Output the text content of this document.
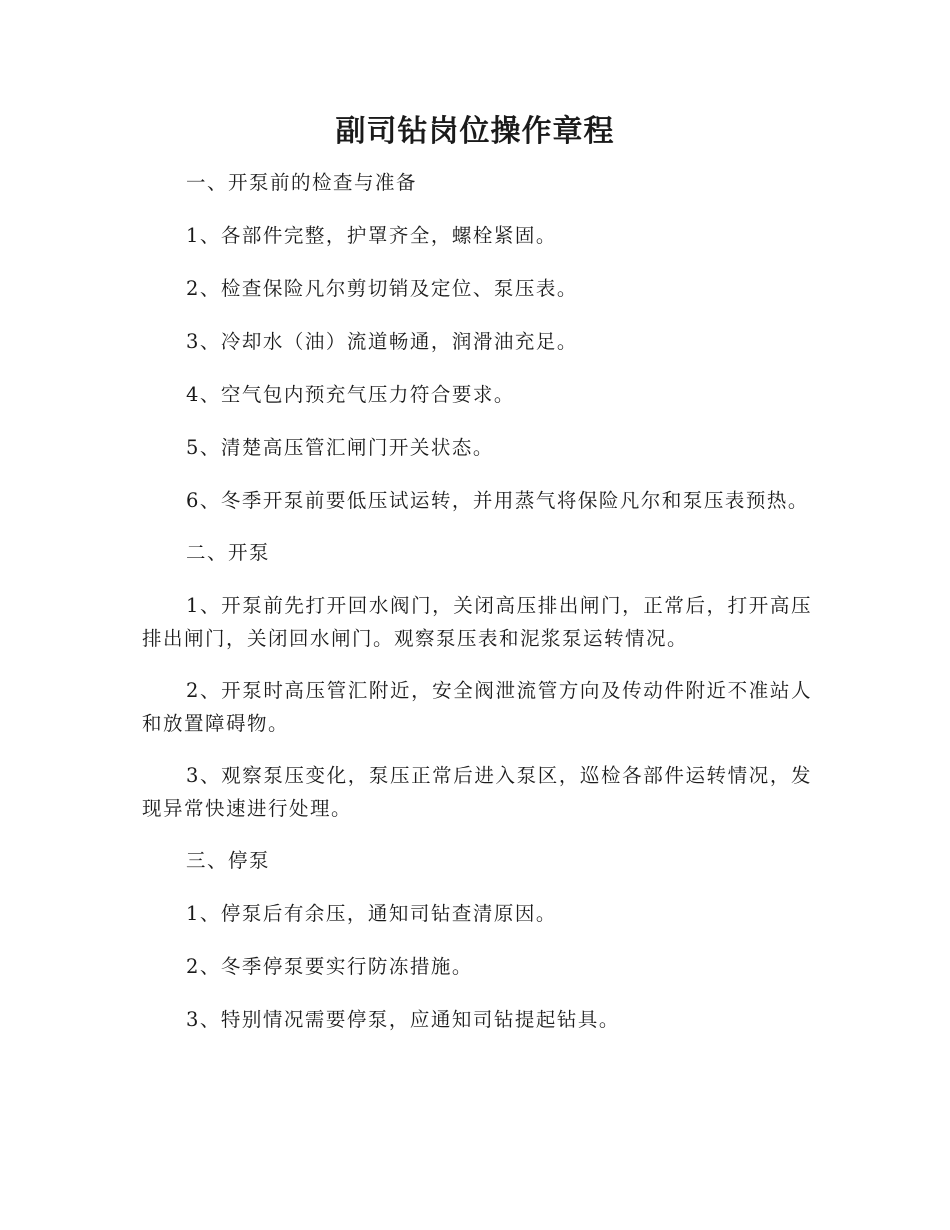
副司钻岗位操作章程

一、开泵前的检查与准备

1、各部件完整，护罩齐全，螺栓紧固。

2、检查保险凡尔剪切销及定位、泵压表。

3、冷却水（油）流道畅通，润滑油充足。

4、空气包内预充气压力符合要求。

5、清楚高压管汇闸门开关状态。

6、冬季开泵前要低压试运转，并用蒸气将保险凡尔和泵压表预热。

二、开泵

1、开泵前先打开回水阀门，关闭高压排出闸门，正常后，打开高压排出闸门，关闭回水闸门。观察泵压表和泥浆泵运转情况。

2、开泵时高压管汇附近，安全阀泄流管方向及传动件附近不准站人和放置障碍物。

3、观察泵压变化，泵压正常后进入泵区，巡检各部件运转情况，发现异常快速进行处理。

三、停泵

1、停泵后有余压，通知司钻查清原因。

2、冬季停泵要实行防冻措施。

3、特别情况需要停泵，应通知司钻提起钻具。
